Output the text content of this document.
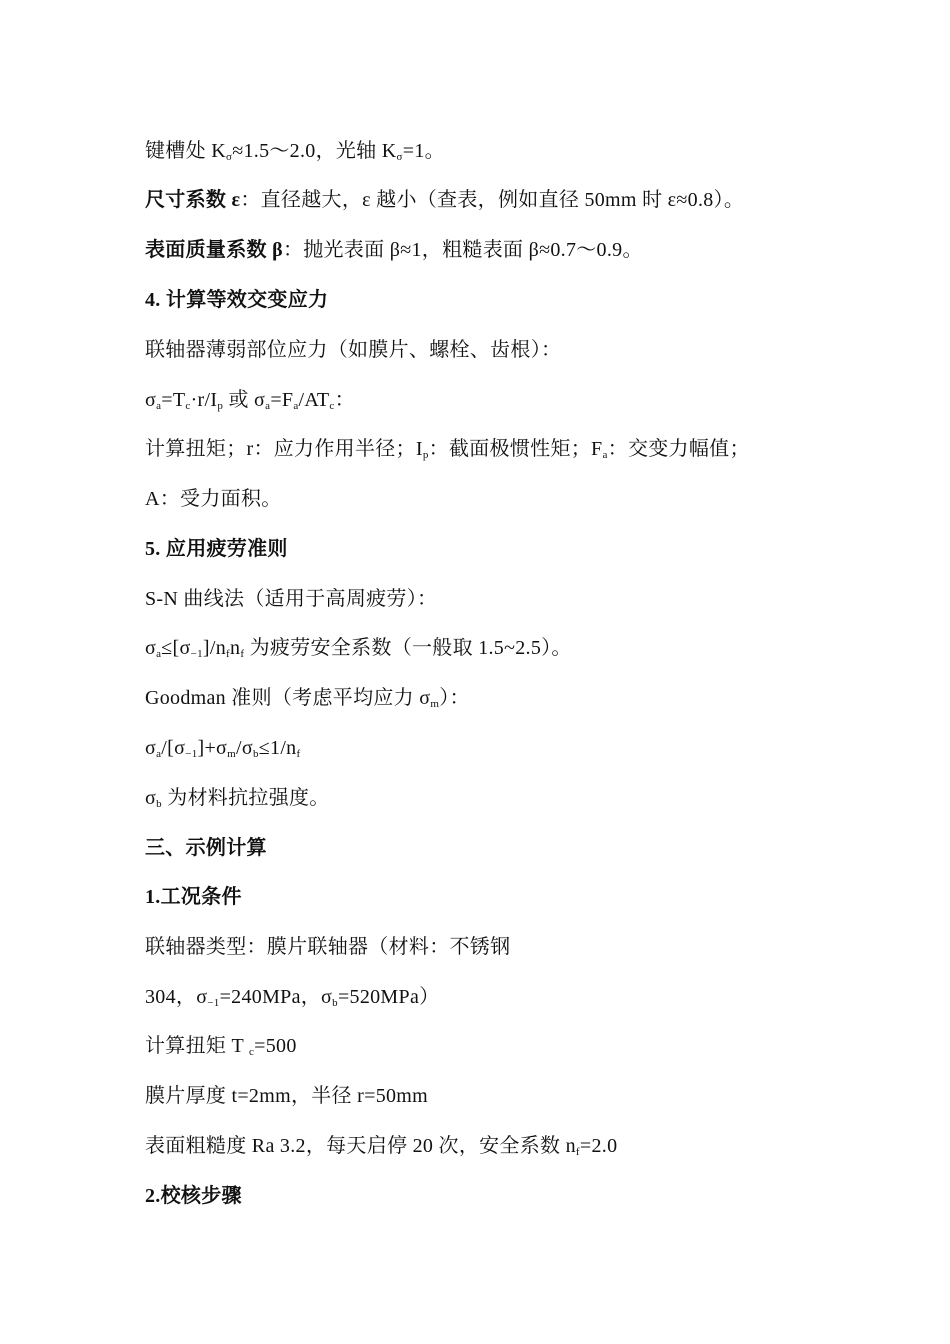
键槽处 $K_\sigma\approx 1.5\sim 2.0$，光轴 $K_\sigma=1$。
尺寸系数 ε：直径越大，ε 越小（查表，例如直径 50mm 时 ε≈0.8）。
表面质量系数 β：抛光表面 β≈1，粗糙表面 β≈0.7～0.9。
4. 计算等效交变应力
联轴器薄弱部位应力（如膜片、螺栓、齿根）：
$\sigma_a=T_c\cdot r/I_p$ 或 $\sigma_a=F_a/AT_c$：
计算扭矩；r：应力作用半径；$I_p$：截面极惯性矩；$F_a$：交变力幅值；
A：受力面积。
5. 应用疲劳准则
S-N 曲线法（适用于高周疲劳）：
$\sigma_a\le[\sigma_{-1}]/n_fn_f$ 为疲劳安全系数（一般取 1.5~2.5）。
Goodman 准则（考虑平均应力 $\sigma_m$）：
$\sigma_a/[\sigma_{-1}]+\sigma_m/\sigma_b\le 1/n_f$
$\sigma_b$ 为材料抗拉强度。
三、示例计算
1.工况条件
联轴器类型：膜片联轴器（材料：不锈钢
304，$\sigma_{-1}=240MPa$，$\sigma_b=520MPa$）
计算扭矩 T $_c$=500
膜片厚度 t=2mm，半径 r=50mm
表面粗糙度 Ra 3.2，每天启停 20 次，安全系数 $n_f=2.0$
2.校核步骤
